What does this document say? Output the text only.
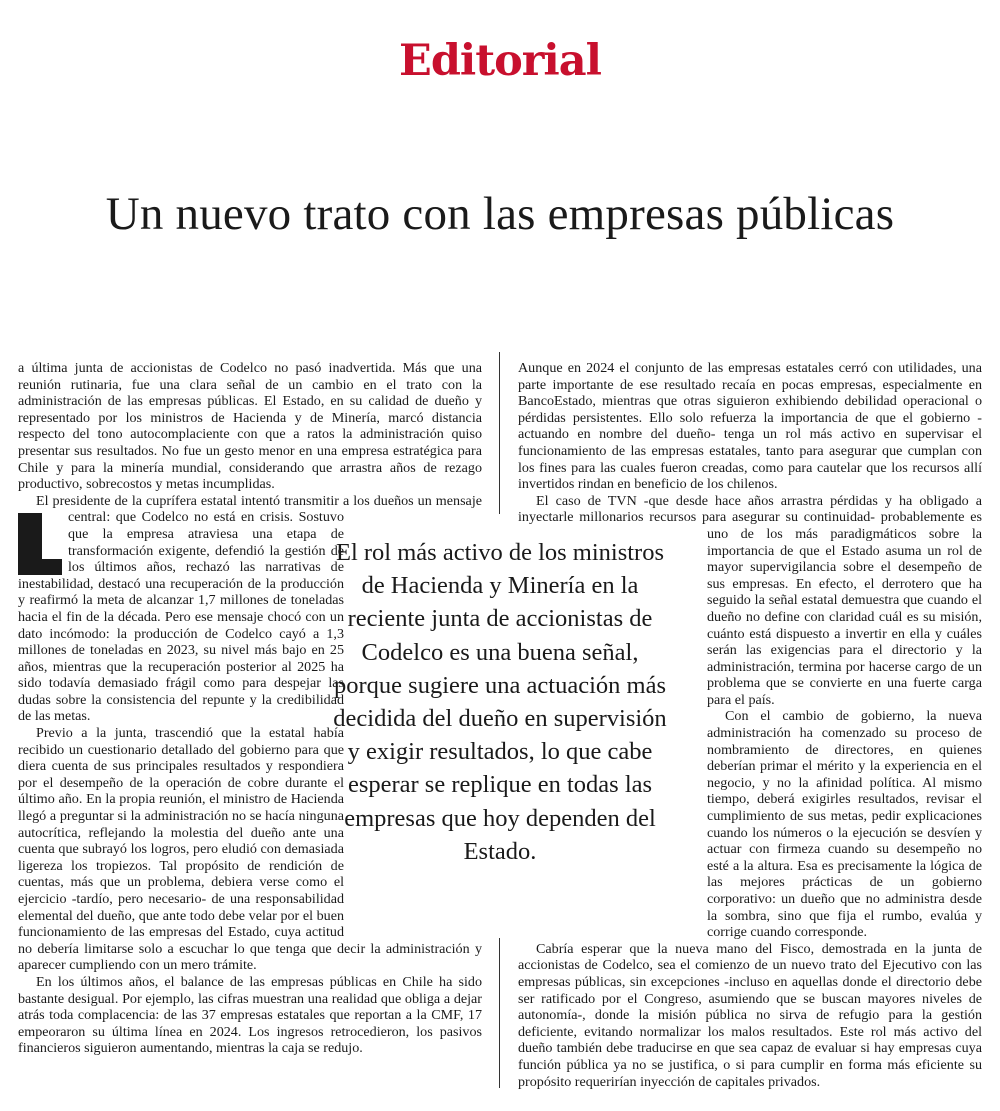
Editorial
Un nuevo trato con las empresas públicas

a última junta de accionistas de Codelco no pasó inadvertida. Más que una reunión rutinaria, fue una clara señal de un cambio en el trato con la administración de las empresas públicas. El Estado, en su calidad de dueño y representado por los ministros de Hacienda y de Minería, marcó distancia respecto del tono autocomplaciente con que a ratos la administración quiso presentar sus resultados. No fue un gesto menor en una empresa estratégica para Chile y para la minería mundial, considerando que arrastra años de rezago productivo, sobrecostos y metas incumplidas.

El presidente de la cuprífera estatal intentó transmitir a los dueños un mensaje central: que Codelco no está en crisis. Sostuvo que la empresa atraviesa una etapa de transformación exigente, defendió la gestión de los últimos años, rechazó las narrativas de inestabilidad, destacó una recuperación de la producción y reafirmó la meta de alcanzar 1,7 millones de toneladas hacia el fin de la década. Pero ese mensaje chocó con un dato incómodo: la producción de Codelco cayó a 1,3 millones de toneladas en 2023, su nivel más bajo en 25 años, mientras que la recuperación posterior al 2025 ha sido todavía demasiado frágil como para despejar las dudas sobre la consistencia del repunte y la credibilidad de las metas.

Previo a la junta, trascendió que la estatal había recibido un cuestionario detallado del gobierno para que diera cuenta de sus principales resultados y respondiera por el desempeño de la operación de cobre durante el último año. En la propia reunión, el ministro de Hacienda llegó a preguntar si la administración no se hacía ninguna autocrítica, reflejando la molestia del dueño ante una cuenta que subrayó los logros, pero eludió con demasiada ligereza los tropiezos. Tal propósito de rendición de cuentas, más que un problema, debiera verse como el ejercicio -tardío, pero necesario- de una responsabilidad elemental del dueño, que ante todo debe velar por el buen funcionamiento de las empresas del Estado, cuya actitud no debería limitarse solo a escuchar lo que tenga que decir la administración y aparecer cumpliendo con un mero trámite.

En los últimos años, el balance de las empresas públicas en Chile ha sido bastante desigual. Por ejemplo, las cifras muestran una realidad que obliga a dejar atrás toda complacencia: de las 37 empresas estatales que reportan a la CMF, 17 empeoraron su última línea en 2024. Los ingresos retrocedieron, los pasivos financieros siguieron aumentando, mientras la caja se redujo.

Aunque en 2024 el conjunto de las empresas estatales cerró con utilidades, una parte importante de ese resultado recaía en pocas empresas, especialmente en BancoEstado, mientras que otras siguieron exhibiendo debilidad operacional o pérdidas persistentes. Ello solo refuerza la importancia de que el gobierno -actuando en nombre del dueño- tenga un rol más activo en supervisar el funcionamiento de las empresas estatales, tanto para asegurar que cumplan con los fines para las cuales fueron creadas, como para cautelar que los recursos allí invertidos rindan en beneficio de los chilenos.

El caso de TVN -que desde hace años arrastra pérdidas y ha obligado a inyectarle millonarios recursos para asegurar su continuidad- probablemente es uno de los más paradigmáticos sobre la importancia de que el Estado asuma un rol de mayor supervigilancia sobre el desempeño de sus empresas. En efecto, el derrotero que ha seguido la señal estatal demuestra que cuando el dueño no define con claridad cuál es su misión, cuánto está dispuesto a invertir en ella y cuáles serán las exigencias para el directorio y la administración, termina por hacerse cargo de un problema que se convierte en una fuerte carga para el país.

Con el cambio de gobierno, la nueva administración ha comenzado su proceso de nombramiento de directores, en quienes deberían primar el mérito y la experiencia en el negocio, y no la afinidad política. Al mismo tiempo, deberá exigirles resultados, revisar el cumplimiento de sus metas, pedir explicaciones cuando los números o la ejecución se desvíen y actuar con firmeza cuando su desempeño no esté a la altura. Esa es precisamente la lógica de las mejores prácticas de un gobierno corporativo: un dueño que no administra desde la sombra, sino que fija el rumbo, evalúa y corrige cuando corresponde.

Cabría esperar que la nueva mano del Fisco, demostrada en la junta de accionistas de Codelco, sea el comienzo de un nuevo trato del Ejecutivo con las empresas públicas, sin excepciones -incluso en aquellas donde el directorio debe ser ratificado por el Congreso, asumiendo que se buscan mayores niveles de autonomía-, donde la misión pública no sirva de refugio para la gestión deficiente, evitando normalizar los malos resultados. Este rol más activo del dueño también debe traducirse en que sea capaz de evaluar si hay empresas cuya función pública ya no se justifica, o si para cumplir en forma más eficiente su propósito requerirían inyección de capitales privados.

El rol más activo de los ministros de Hacienda y Minería en la reciente junta de accionistas de Codelco es una buena señal, porque sugiere una actuación más decidida del dueño en supervisión y exigir resultados, lo que cabe esperar se replique en todas las empresas que hoy dependen del Estado.
